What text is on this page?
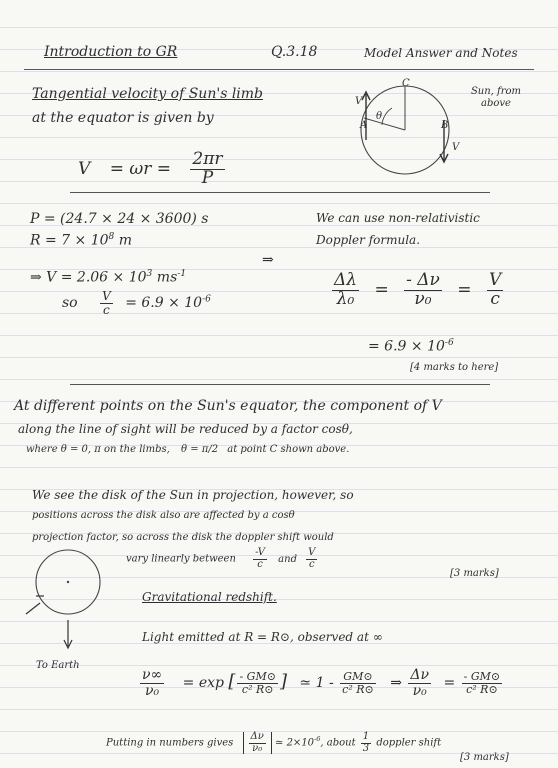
Introduction to GR	Q.3.18	Model Answer and Notes
Tangential velocity of Sun's limb
at the equator is given by
$V = \omega r = \frac{2\pi r}{P}$
C
A
θ
B
V
V
Sun, from above
P = (24.7 × 24 × 3600) s
$R = 7 \times 10^8$ m
⇒ $V = 2.06 \times 10^3$ $ms^{-1}$
so $\frac{V}{c} = 6.9 \times 10^{-6}$
⇒
We can use non-relativistic
Doppler formula.
$\frac{\Delta\lambda}{\text{λ₀}} = \frac{- \Delta\nu}{\text{ν₀}} = \frac{V}{c}$
= $6.9 \times 10^{-6}$
[4 marks to here]
At different points on the Sun's equator, the component of V
along the line of sight will be reduced by a factor cosθ,
where θ = 0, π on the limbs, θ = π/2 at point C shown above.
We see the disk of the Sun in projection, however, so
positions across the disk also are affected by a cosθ
projection factor, so across the disk the doppler shift would
vary linearly between $\frac{-V}{c}$ and $\frac{V}{c}$
[3 marks]
To Earth
Gravitational redshift.
Light emitted at R = R⊙, observed at ∞
$\frac{\nu\infty}{\text{ν₀}} = \exp$ [ $\frac{- GM⊙}{\text{c² R⊙}}$ ] ≃ $1 - \frac{GM⊙}{\text{c² R⊙}}$ ⇒ $\frac{\Delta\nu}{\text{ν₀}} = \frac{- GM⊙}{\text{c² R⊙}}$
Putting in numbers gives $\frac{\Delta\nu}{\text{ν₀}}$ ≃ $2\times 10^{-6}$, about $\frac{1}{3}$ doppler shift
[3 marks]
